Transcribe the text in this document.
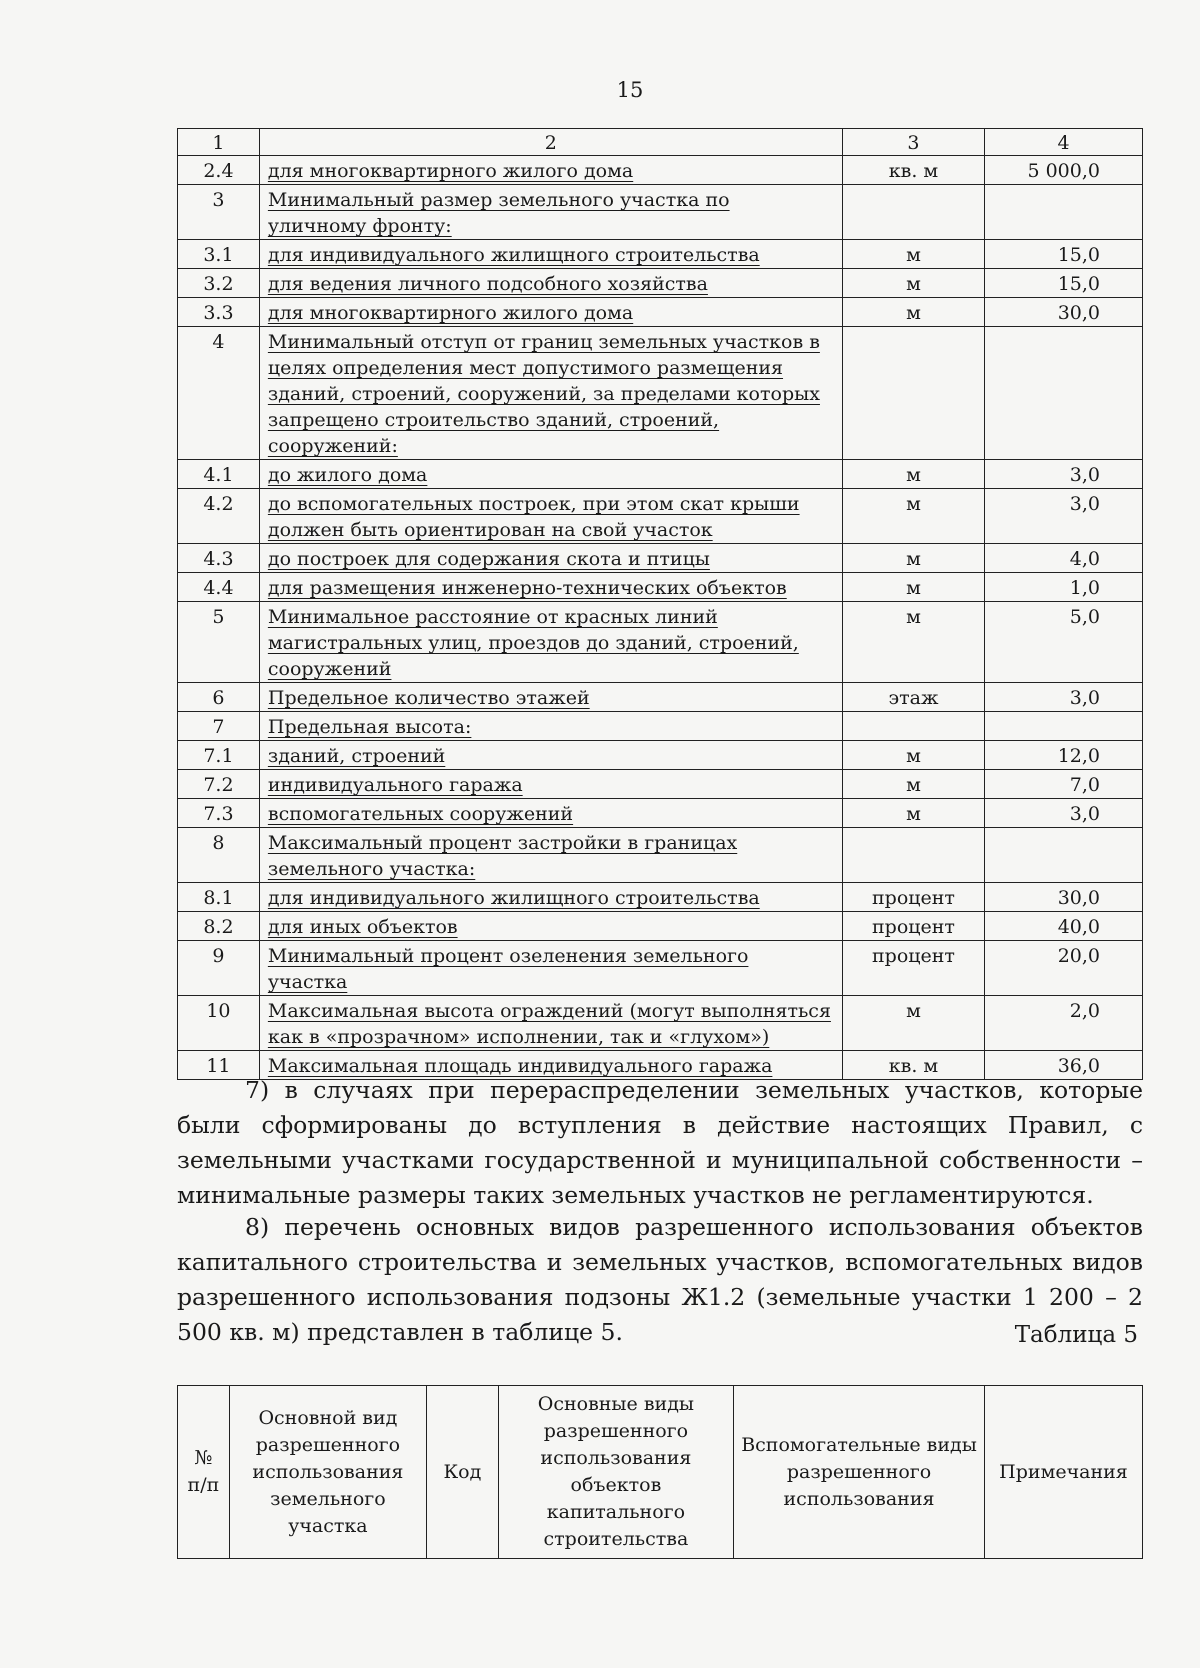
15
1	2	3	4
2.4	для многоквартирного жилого дома	кв. м	5 000,0
3	Минимальный размер земельного участка по уличному фронту:		
3.1	для индивидуального жилищного строительства	м	15,0
3.2	для ведения личного подсобного хозяйства	м	15,0
3.3	для многоквартирного жилого дома	м	30,0
4	Минимальный отступ от границ земельных участков в целях определения мест допустимого размещения зданий, строений, сооружений, за пределами которых запрещено строительство зданий, строений, сооружений:		
4.1	до жилого дома	м	3,0
4.2	до вспомогательных построек, при этом скат крыши должен быть ориентирован на свой участок	м	3,0
4.3	до построек для содержания скота и птицы	м	4,0
4.4	для размещения инженерно-технических объектов	м	1,0
5	Минимальное расстояние от красных линий магистральных улиц, проездов до зданий, строений, сооружений	м	5,0
6	Предельное количество этажей	этаж	3,0
7	Предельная высота:		
7.1	зданий, строений	м	12,0
7.2	индивидуального гаража	м	7,0
7.3	вспомогательных сооружений	м	3,0
8	Максимальный процент застройки в границах земельного участка:		
8.1	для индивидуального жилищного строительства	процент	30,0
8.2	для иных объектов	процент	40,0
9	Минимальный процент озеленения земельного участка	процент	20,0
10	Максимальная высота ограждений (могут выполняться как в «прозрачном» исполнении, так и «глухом»)	м	2,0
11	Максимальная площадь индивидуального гаража	кв. м	36,0

7) в случаях при перераспределении земельных участков, которые были сформированы до вступления в действие настоящих Правил, с земельными участками государственной и муниципальной собственности – минимальные размеры таких земельных участков не регламентируются.

8) перечень основных видов разрешенного использования объектов капитального строительства и земельных участков, вспомогательных видов разрешенного использования подзоны Ж1.2 (земельные участки 1 200 – 2 500 кв. м) представлен в таблице 5.	Таблица 5
№ п/п	Основной вид разрешенного использования земельного участка	Код	Основные виды разрешенного использования объектов капитального строительства	Вспомогательные виды разрешенного использования	Примечания
